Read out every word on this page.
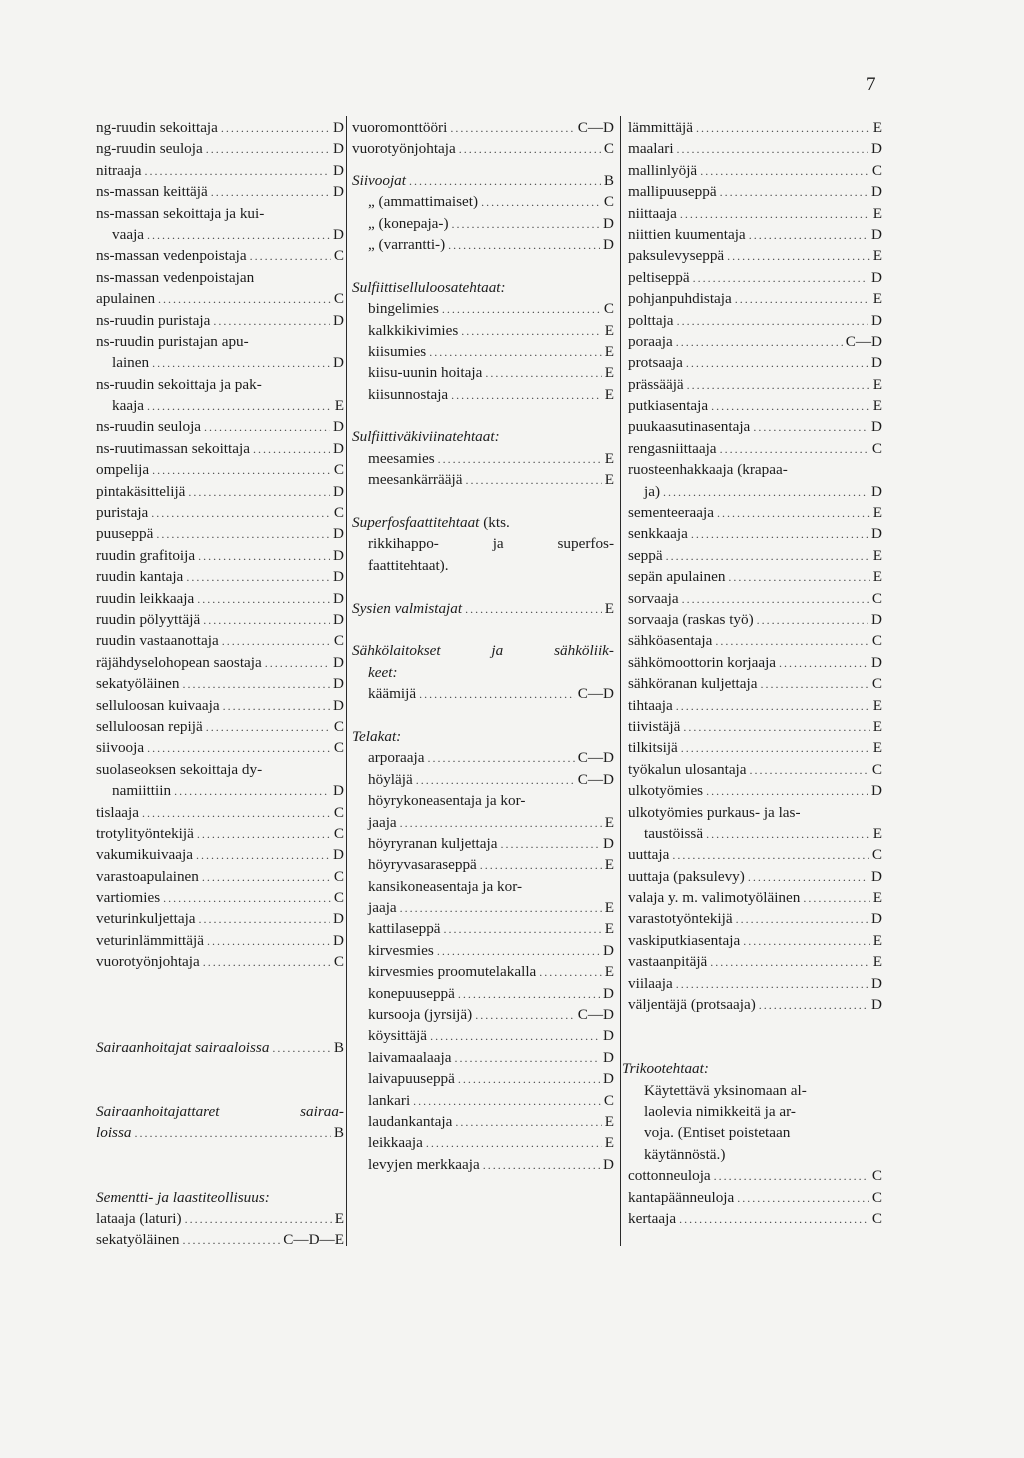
7
ng-ruudin sekoittaja .....	D
ng-ruudin seuloja .....	D
nitraaja .....	D
ns-massan keittäjä .....	D
ns-massan sekoittaja ja kui-
vaaja .....	D
ns-massan vedenpoistaja .....	C
ns-massan vedenpoistajan
apulainen .....	C
ns-ruudin puristaja .....	D
ns-ruudin puristajan apu-
lainen .....	D
ns-ruudin sekoittaja ja pak-
kaaja .....	E
ns-ruudin seuloja .....	D
ns-ruutimassan sekoittaja .....	D
ompelija .....	C
pintakäsittelijä .....	D
puristaja .....	C
puuseppä .....	D
ruudin grafitoija .....	D
ruudin kantaja .....	D
ruudin leikkaaja .....	D
ruudin pölyyttäjä .....	D
ruudin vastaanottaja .....	C
räjähdyselohopean saostaja .....	D
sekatyöläinen .....	D
selluloosan kuivaaja .....	D
selluloosan repijä .....	C
siivooja .....	C
suolaseoksen sekoittaja dy-
namiittiin .....	D
tislaaja .....	C
trotylityöntekijä .....	C
vakumikuivaaja .....	D
varastoapulainen .....	C
vartiomies .....	C
veturinkuljettaja .....	D
veturinlämmittäjä .....	D
vuorotyönjohtaja .....	C
Sairaanhoitajat sairaaloissa .....	B
Sairaanhoitajattaret	sairaa-
loissa .....	B
Sementti- ja laastiteollisuus:
lataaja (laturi) .....	E
sekatyöläinen .....	C—D—E
vuoromonttööri .....	C—D
vuorotyönjohtaja .....	C
Siivoojat .....	B
„ (ammattimaiset) .....	C
„ (konepaja-) .....	D
„ (varrantti-) .....	D
Sulfiittiselluloosatehtaat:
bingelimies .....	C
kalkkikivimies .....	E
kiisumies .....	E
kiisu-uunin hoitaja .....	E
kiisunnostaja .....	E
Sulfiittiväkiviinatehtaat:
meesamies .....	E
meesankärrääjä .....	E
Superfosfaattitehtaat (kts.
rikkihappo-	ja	superfos-
faattitehtaat).
Sysien valmistajat .....	E
Sähkölaitokset	ja	sähköliik-
keet:
käämijä .....	C—D
Telakat:
arporaaja .....	C—D
höyläjä .....	C—D
höyrykoneasentaja ja kor-
jaaja .....	E
höyryranan kuljettaja .....	D
höyryvasaraseppä .....	E
kansikoneasentaja ja kor-
jaaja .....	E
kattilaseppä .....	E
kirvesmies .....	D
kirvesmies proomutelakalla .....	E
konepuuseppä .....	D
kursooja (jyrsijä) .....	C—D
köysittäjä .....	D
laivamaalaaja .....	D
laivapuuseppä .....	D
lankari .....	C
laudankantaja .....	E
leikkaaja .....	E
levyjen merkkaaja .....	D
lämmittäjä .....	E
maalari .....	D
mallinlyöjä .....	C
mallipuuseppä .....	D
niittaaja .....	E
niittien kuumentaja .....	D
paksulevyseppä .....	E
peltiseppä .....	D
pohjanpuhdistaja .....	E
polttaja .....	D
poraaja .....	C—D
protsaaja .....	D
prässääjä .....	E
putkiasentaja .....	E
puukaasutinasentaja .....	D
rengasniittaaja .....	C
ruosteenhakkaaja (krapaa-
ja) .....	D
sementeeraaja .....	E
senkkaaja .....	D
seppä .....	E
sepän apulainen .....	E
sorvaaja .....	C
sorvaaja (raskas työ) .....	D
sähköasentaja .....	C
sähkömoottorin korjaaja .....	D
sähköranan kuljettaja .....	C
tihtaaja .....	E
tiivistäjä .....	E
tilkitsijä .....	E
työkalun ulosantaja .....	C
ulkotyömies .....	D
ulkotyömies purkaus- ja las-
taustöissä .....	E
uuttaja .....	C
uuttaja (paksulevy) .....	D
valaja y. m. valimotyöläinen .....	E
varastotyöntekijä .....	D
vaskiputkiasentaja .....	E
vastaanpitäjä .....	E
viilaaja .....	D
väljentäjä (protsaaja) .....	D
Trikootehtaat:
Käytettävä yksinomaan al-
laolevia nimikkeitä ja ar-
voja. (Entiset poistetaan
käytännöstä.)
cottonneuloja .....	C
kantapäänneuloja .....	C
kertaaja .....	C
